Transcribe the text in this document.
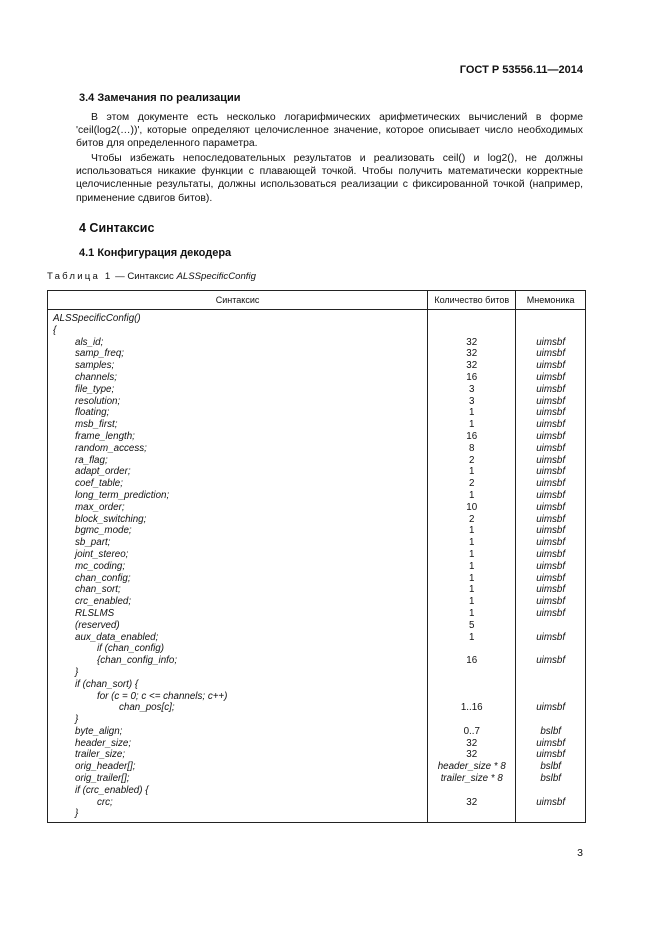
ГОСТ Р 53556.11—2014
3.4 Замечания по реализации
В этом документе есть несколько логарифмических арифметических вычислений в форме 'ceil(log2(…))', которые определяют целочисленное значение, которое описывает число необходимых битов для определенного параметра.
Чтобы избежать непоследовательных результатов и реализовать ceil() и log2(), не должны использоваться никакие функции с плавающей точкой. Чтобы получить математически корректные целочисленные результаты, должны использоваться реализации с фиксированной точкой (например, применение сдвигов битов).
4 Синтаксис
4.1 Конфигурация декодера
Таблица 1 — Синтаксис ALSSpecificConfig
Синтаксис	Количество битов	Мнемоника
ALSSpecificConfig()		
{		
als_id;	32	uimsbf
samp_freq;	32	uimsbf
samples;	32	uimsbf
channels;	16	uimsbf
file_type;	3	uimsbf
resolution;	3	uimsbf
floating;	1	uimsbf
msb_first;	1	uimsbf
frame_length;	16	uimsbf
random_access;	8	uimsbf
ra_flag;	2	uimsbf
adapt_order;	1	uimsbf
coef_table;	2	uimsbf
long_term_prediction;	1	uimsbf
max_order;	10	uimsbf
block_switching;	2	uimsbf
bgmc_mode;	1	uimsbf
sb_part;	1	uimsbf
joint_stereo;	1	uimsbf
mc_coding;	1	uimsbf
chan_config;	1	uimsbf
chan_sort;	1	uimsbf
crc_enabled;	1	uimsbf
RLSLMS	1	uimsbf
(reserved)	5	
aux_data_enabled;	1	uimsbf
if (chan_config)		
{chan_config_info;	16	uimsbf
}		
if (chan_sort) {		
for (c = 0; c <= channels; c++)		
chan_pos[c];	1..16	uimsbf
}		
byte_align;	0..7	bslbf
header_size;	32	uimsbf
trailer_size;	32	uimsbf
orig_header[];	header_size * 8	bslbf
orig_trailer[];	trailer_size * 8	bslbf
if (crc_enabled) {		
crc;	32	uimsbf
}		
3
